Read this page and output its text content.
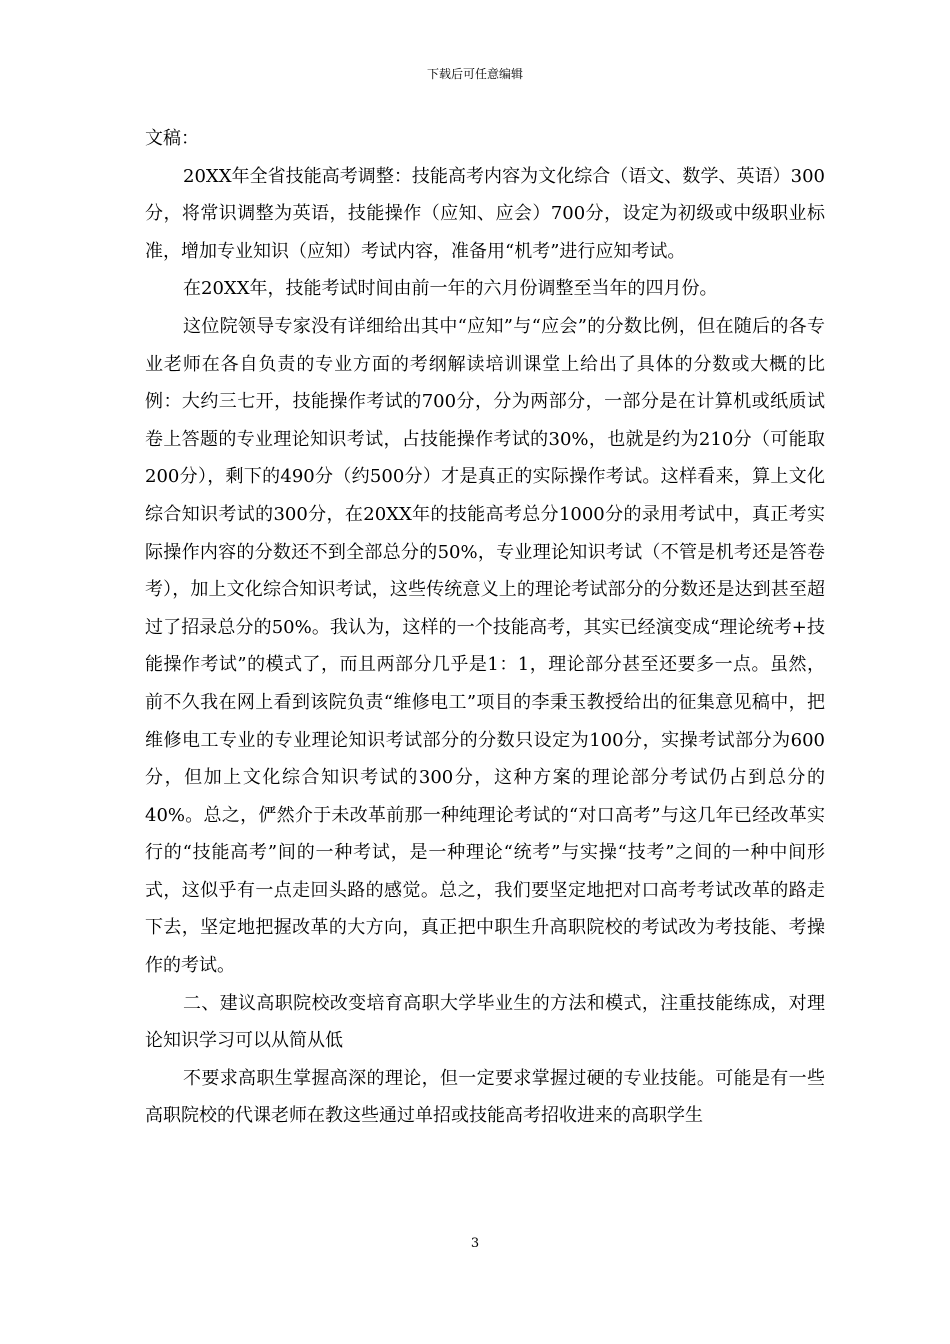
下载后可任意编辑

文稿：

20XX年全省技能高考调整：技能高考内容为文化综合（语文、数学、英语）300分，将常识调整为英语，技能操作（应知、应会）700分，设定为初级或中级职业标准，增加专业知识（应知）考试内容，准备用“机考”进行应知考试。

在20XX年，技能考试时间由前一年的六月份调整至当年的四月份。

这位院领导专家没有详细给出其中“应知”与“应会”的分数比例，但在随后的各专业老师在各自负责的专业方面的考纲解读培训课堂上给出了具体的分数或大概的比例：大约三七开，技能操作考试的700分，分为两部分，一部分是在计算机或纸质试卷上答题的专业理论知识考试，占技能操作考试的30%，也就是约为210分（可能取200分），剩下的490分（约500分）才是真正的实际操作考试。这样看来，算上文化综合知识考试的300分，在20XX年的技能高考总分1000分的录用考试中，真正考实际操作内容的分数还不到全部总分的50%，专业理论知识考试（不管是机考还是答卷考），加上文化综合知识考试，这些传统意义上的理论考试部分的分数还是达到甚至超过了招录总分的50%。我认为，这样的一个技能高考，其实已经演变成“理论统考+技能操作考试”的模式了，而且两部分几乎是1：1，理论部分甚至还要多一点。虽然，前不久我在网上看到该院负责“维修电工”项目的李秉玉教授给出的征集意见稿中，把维修电工专业的专业理论知识考试部分的分数只设定为100分，实操考试部分为600分，但加上文化综合知识考试的300分，这种方案的理论部分考试仍占到总分的40%。总之，俨然介于未改革前那一种纯理论考试的“对口高考”与这几年已经改革实行的“技能高考”间的一种考试，是一种理论“统考”与实操“技考”之间的一种中间形式，这似乎有一点走回头路的感觉。总之，我们要坚定地把对口高考考试改革的路走下去，坚定地把握改革的大方向，真正把中职生升高职院校的考试改为考技能、考操作的考试。

二、建议高职院校改变培育高职大学毕业生的方法和模式，注重技能练成，对理论知识学习可以从简从低

不要求高职生掌握高深的理论，但一定要求掌握过硬的专业技能。可能是有一些高职院校的代课老师在教这些通过单招或技能高考招收进来的高职学生

3
